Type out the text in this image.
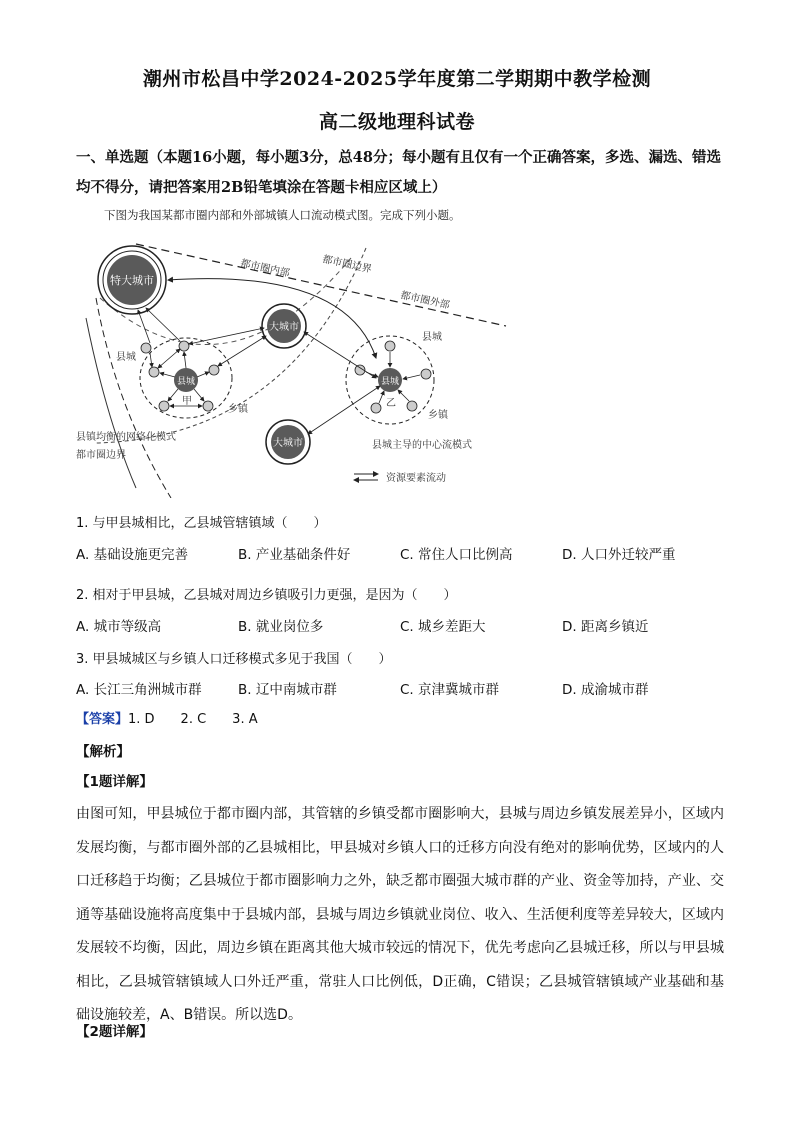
潮州市松昌中学2024-2025学年度第二学期期中教学检测
高二级地理科试卷
一、单选题（本题16小题，每小题3分，总48分；每小题有且仅有一个正确答案，多选、漏选、错选均不得分，请把答案用2B铅笔填涂在答题卡相应区域上）
下图为我国某都市圈内部和外部城镇人口流动模式图。完成下列小题。
都市圈内部	都市圈边界
都市圈外部
特大城市
大城市
大城市
县城
县城
甲
乡镇
县城
县城
乙
乡镇
县镇均衡的网络化模式
都市圈边界
县城主导的中心流模式
资源要素流动
1. 与甲县城相比，乙县城管辖镇域（　　）
A. 基础设施更完善	B. 产业基础条件好	C. 常住人口比例高	D. 人口外迁较严重
2. 相对于甲县城，乙县城对周边乡镇吸引力更强，是因为（　　）
A. 城市等级高	B. 就业岗位多	C. 城乡差距大	D. 距离乡镇近
3. 甲县城城区与乡镇人口迁移模式多见于我国（　　）
A. 长江三角洲城市群	B. 辽中南城市群	C. 京津冀城市群	D. 成渝城市群
【答案】1. D　　2. C　　3. A
【解析】
【1题详解】
由图可知，甲县城位于都市圈内部，其管辖的乡镇受都市圈影响大，县城与周边乡镇发展差异小，区域内发展均衡，与都市圈外部的乙县城相比，甲县城对乡镇人口的迁移方向没有绝对的影响优势，区域内的人口迁移趋于均衡；乙县城位于都市圈影响力之外，缺乏都市圈强大城市群的产业、资金等加持，产业、交通等基础设施将高度集中于县城内部，县城与周边乡镇就业岗位、收入、生活便利度等差异较大，区域内发展较不均衡，因此，周边乡镇在距离其他大城市较远的情况下，优先考虑向乙县城迁移，所以与甲县城相比，乙县城管辖镇域人口外迁严重，常驻人口比例低，D正确，C错误；乙县城管辖镇域产业基础和基础设施较差，A、B错误。所以选D。
【2题详解】
